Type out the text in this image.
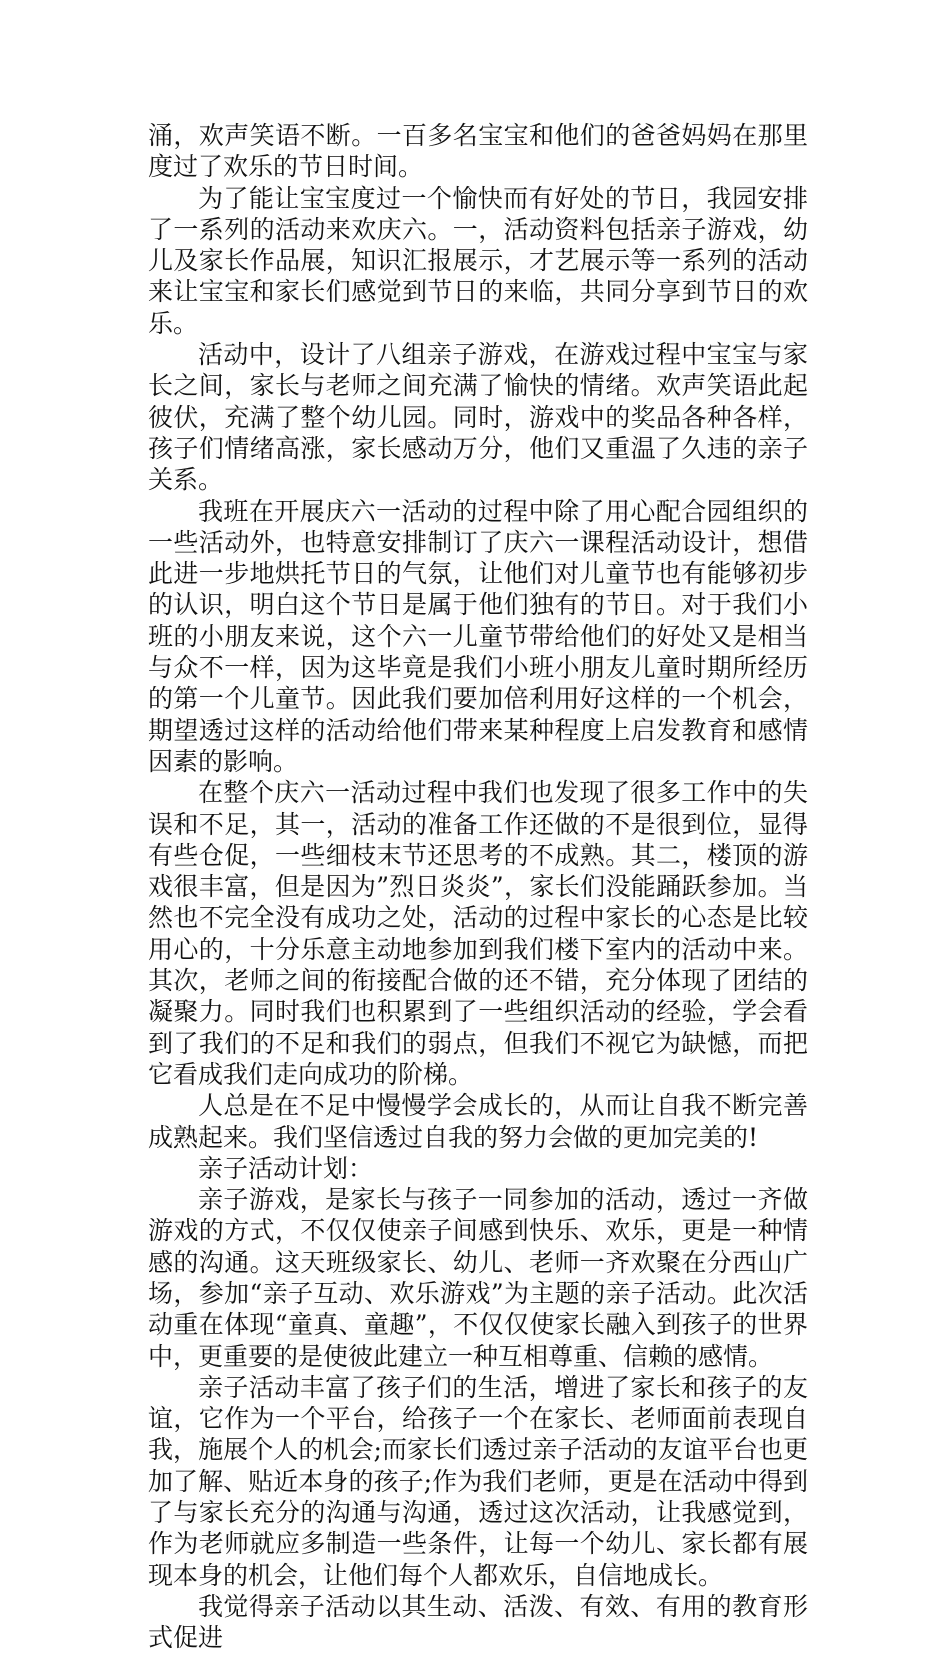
涌，欢声笑语不断。一百多名宝宝和他们的爸爸妈妈在那里度过了欢乐的节日时间。

为了能让宝宝度过一个愉快而有好处的节日，我园安排了一系列的活动来欢庆六。一，活动资料包括亲子游戏，幼儿及家长作品展，知识汇报展示，才艺展示等一系列的活动来让宝宝和家长们感觉到节日的来临，共同分享到节日的欢乐。

活动中，设计了八组亲子游戏，在游戏过程中宝宝与家长之间，家长与老师之间充满了愉快的情绪。欢声笑语此起彼伏，充满了整个幼儿园。同时，游戏中的奖品各种各样，孩子们情绪高涨，家长感动万分，他们又重温了久违的亲子关系。

我班在开展庆六一活动的过程中除了用心配合园组织的一些活动外，也特意安排制订了庆六一课程活动设计，想借此进一步地烘托节日的气氛，让他们对儿童节也有能够初步的认识，明白这个节日是属于他们独有的节日。对于我们小班的小朋友来说，这个六一儿童节带给他们的好处又是相当与众不一样，因为这毕竟是我们小班小朋友儿童时期所经历的第一个儿童节。因此我们要加倍利用好这样的一个机会，期望透过这样的活动给他们带来某种程度上启发教育和感情因素的影响。

在整个庆六一活动过程中我们也发现了很多工作中的失误和不足，其一，活动的准备工作还做的不是很到位，显得有些仓促，一些细枝末节还思考的不成熟。其二，楼顶的游戏很丰富，但是因为”烈日炎炎”，家长们没能踊跃参加。当然也不完全没有成功之处，活动的过程中家长的心态是比较用心的，十分乐意主动地参加到我们楼下室内的活动中来。其次，老师之间的衔接配合做的还不错，充分体现了团结的凝聚力。同时我们也积累到了一些组织活动的经验，学会看到了我们的不足和我们的弱点，但我们不视它为缺憾，而把它看成我们走向成功的阶梯。

人总是在不足中慢慢学会成长的，从而让自我不断完善成熟起来。我们坚信透过自我的努力会做的更加完美的!

亲子活动计划：

亲子游戏，是家长与孩子一同参加的活动，透过一齐做游戏的方式，不仅仅使亲子间感到快乐、欢乐，更是一种情感的沟通。这天班级家长、幼儿、老师一齐欢聚在分西山广场，参加“亲子互动、欢乐游戏”为主题的亲子活动。此次活动重在体现“童真、童趣”，不仅仅使家长融入到孩子的世界中，更重要的是使彼此建立一种互相尊重、信赖的感情。

亲子活动丰富了孩子们的生活，增进了家长和孩子的友谊，它作为一个平台，给孩子一个在家长、老师面前表现自我，施展个人的机会;而家长们透过亲子活动的友谊平台也更加了解、贴近本身的孩子;作为我们老师，更是在活动中得到了与家长充分的沟通与沟通，透过这次活动，让我感觉到，作为老师就应多制造一些条件，让每一个幼儿、家长都有展现本身的机会，让他们每个人都欢乐，自信地成长。

我觉得亲子活动以其生动、活泼、有效、有用的教育形式促进
